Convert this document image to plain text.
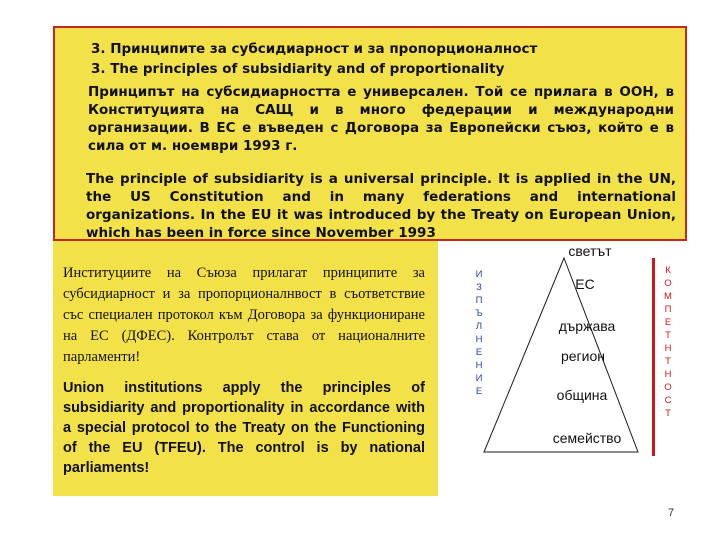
3. Принципите за субсидиарност и за пропорционалност
3. The principles of subsidiarity and of proportionality
Принципът на субсидиарността е универсален. Той се прилага в ООН, в Конституцията на САЩ и в много федерации и международни организации. В ЕС е въведен с Договора за Европейски съюз, който е в сила от м. ноември 1993 г.
The principle of subsidiarity is a universal principle. It is applied in the UN, the US Constitution and in many federations and international organizations. In the EU it was introduced by the Treaty on European Union, which has been in force since November 1993
Институциите на Съюза прилагат принципите за субсидиарност и за пропорционалнвост в съответствие със специален протокол към Договора за функциониране на ЕС (ДФЕС). Контролът става от националните парламенти!
Union institutions apply the principles of subsidiarity and proportionality in accordance with a special protocol to the Treaty on the Functioning of the EU (TFEU). The control is by national parliaments!
И
З
П
Ъ
Л
Н
Е
Н
И
Е
светът
ЕС
държава
регион
община
семейство
К
О
М
П
Е
Т
Н
Т
Н
О
С
Т
7
